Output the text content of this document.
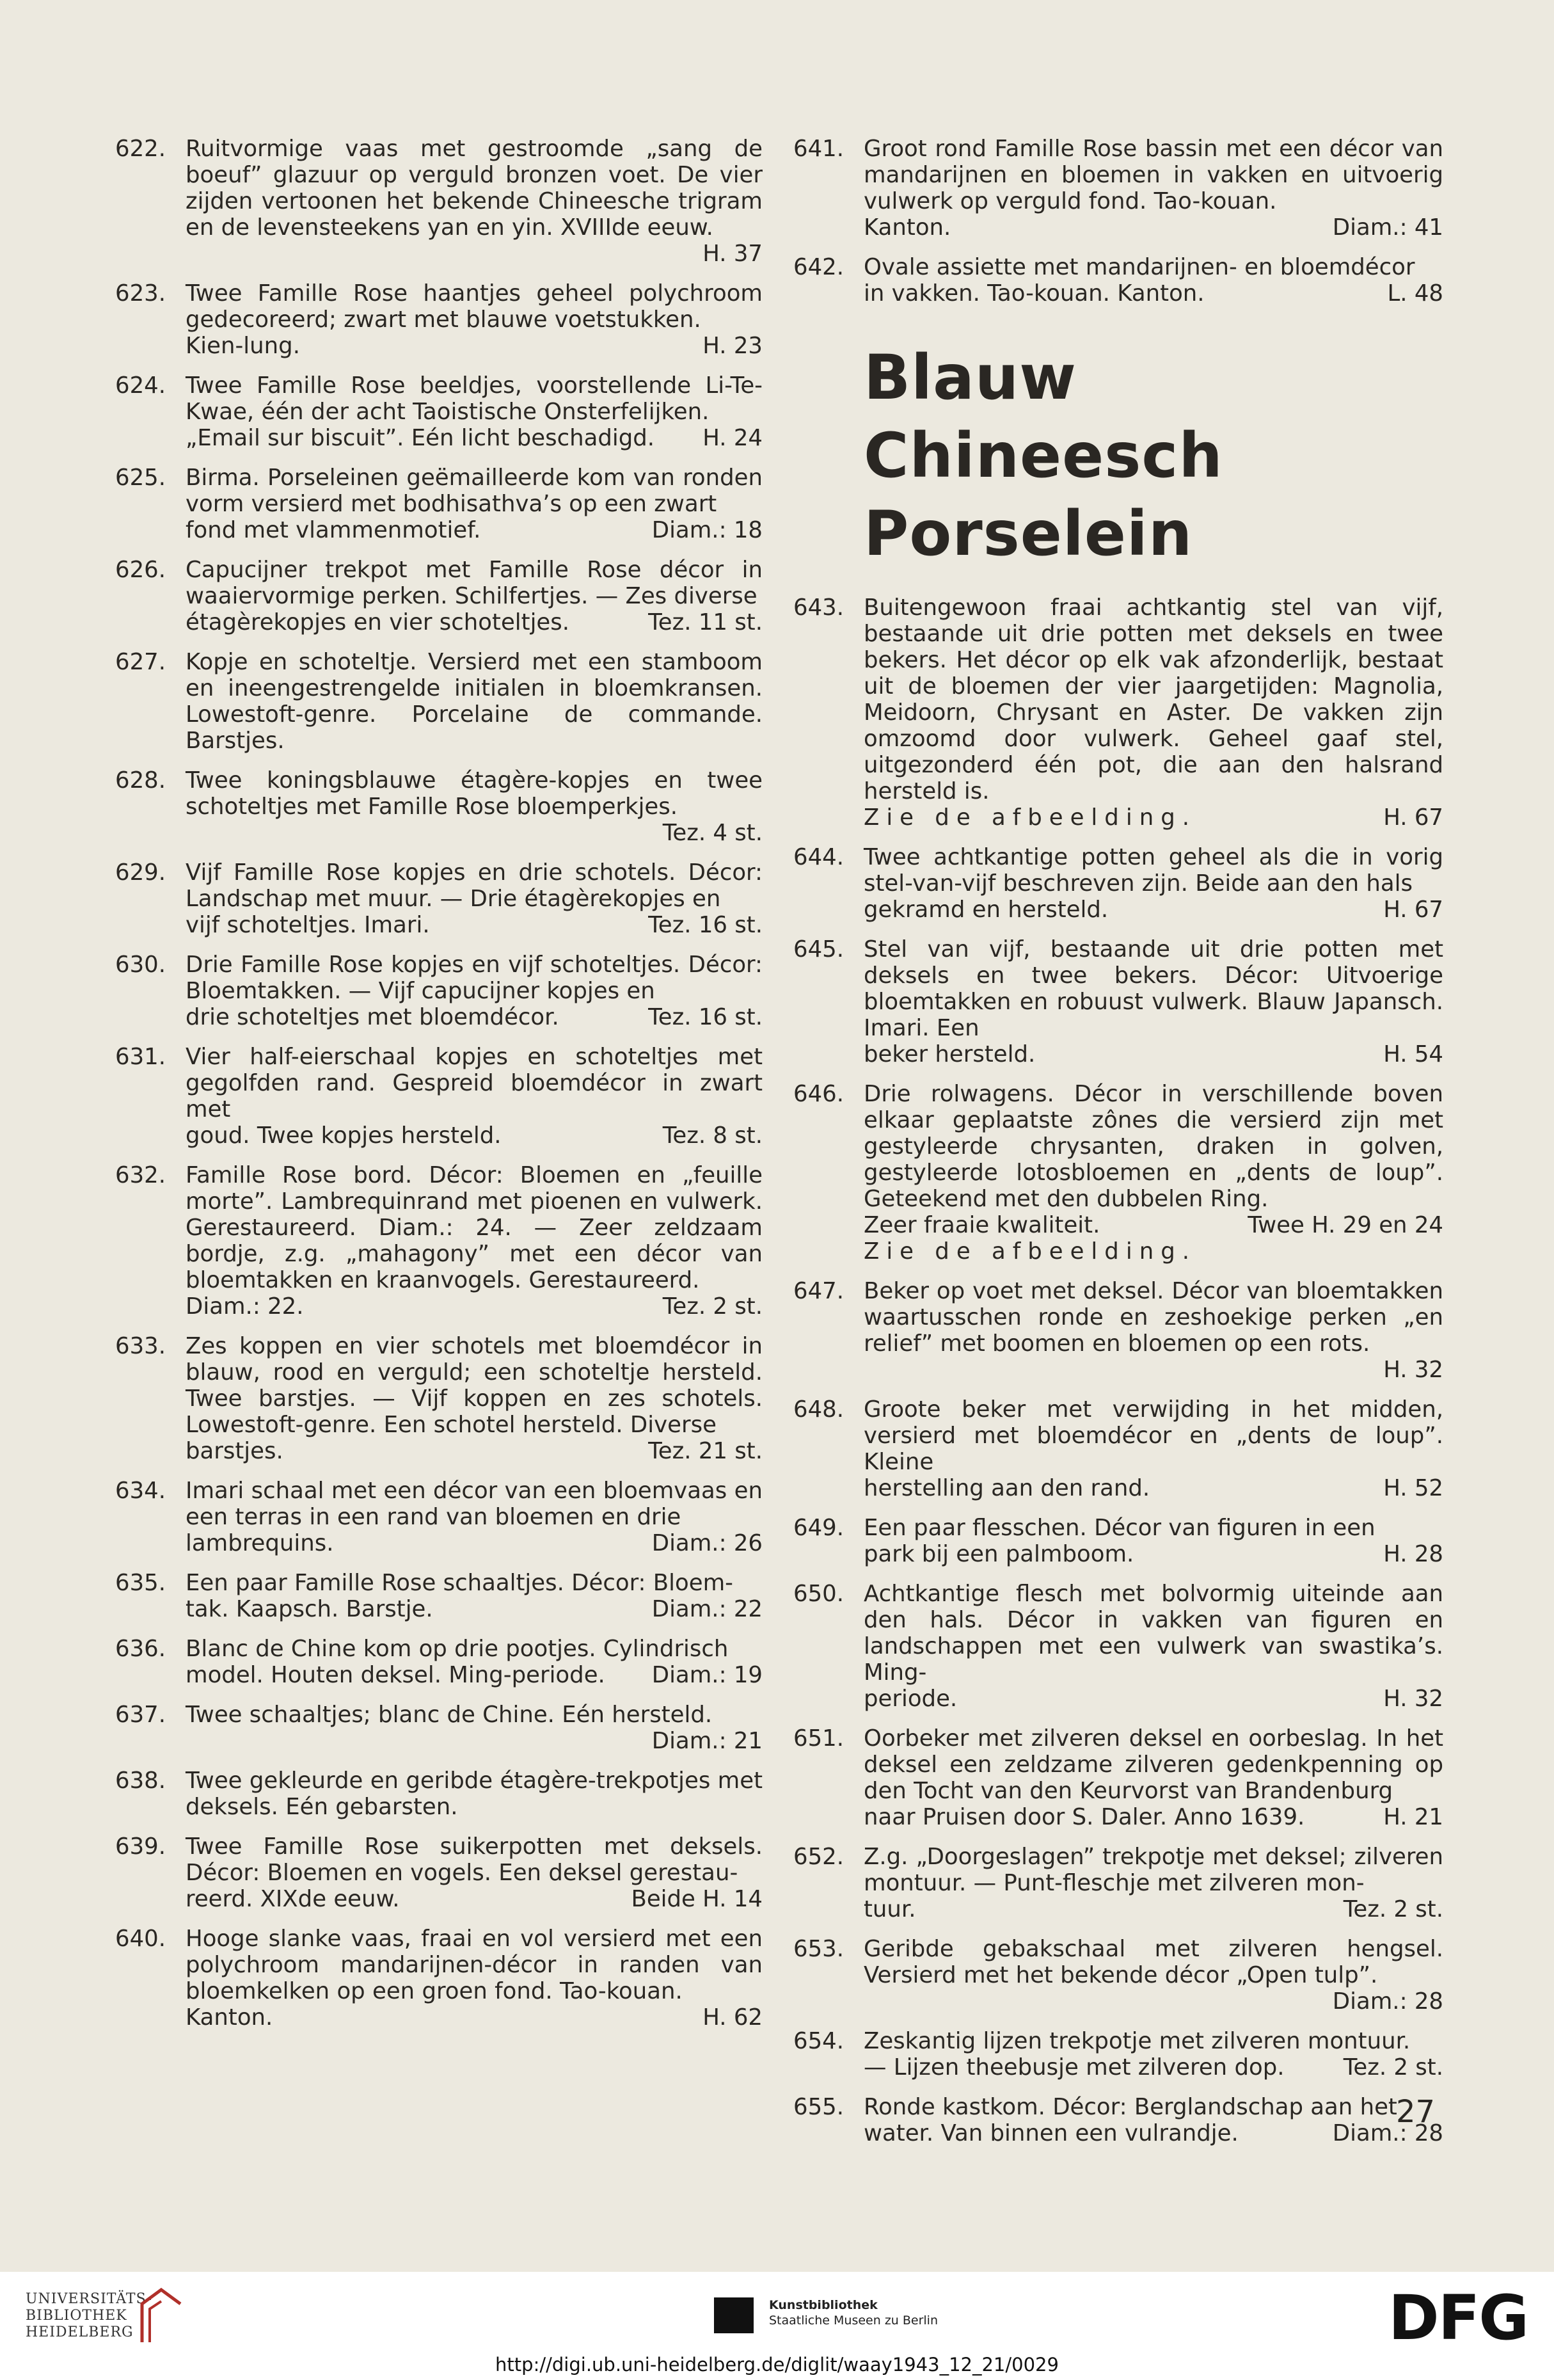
622. Ruitvormige vaas met gestroomde „sang de boeuf” glazuur op verguld bronzen voet. De vier zijden vertoonen het bekende Chineesche trigram en de levensteekens yan en yin. XVIIIde eeuw.
H. 37
623. Twee Famille Rose haantjes geheel polychroom gedecoreerd; zwart met blauwe voetstukken.
Kien-lung.	H. 23
624. Twee Famille Rose beeldjes, voorstellende Li-Te-Kwae, één der acht Taoistische Onsterfelijken.
„Email sur biscuit”. Eén licht beschadigd. H. 24
625. Birma. Porseleinen geëmailleerde kom van ronden vorm versierd met bodhisathva’s op een zwart
fond met vlammenmotief.	Diam.: 18
626. Capucijner trekpot met Famille Rose décor in waaiervormige perken. Schilfertjes. — Zes diverse
étagèrekopjes en vier schoteltjes.	Tez. 11 st.
627. Kopje en schoteltje. Versierd met een stamboom en ineengestrengelde initialen in bloemkransen. Lowestoft-genre. Porcelaine de commande. Barstjes.
628. Twee koningsblauwe étagère-kopjes en twee schoteltjes met Famille Rose bloemperkjes.
Tez. 4 st.
629. Vijf Famille Rose kopjes en drie schotels. Décor: Landschap met muur. — Drie étagèrekopjes en
vijf schoteltjes. Imari.	Tez. 16 st.
630. Drie Famille Rose kopjes en vijf schoteltjes. Décor: Bloemtakken. — Vijf capucijner kopjes en
drie schoteltjes met bloemdécor.	Tez. 16 st.
631. Vier half-eierschaal kopjes en schoteltjes met gegolfden rand. Gespreid bloemdécor in zwart met
goud. Twee kopjes hersteld.	Tez. 8 st.
632. Famille Rose bord. Décor: Bloemen en „feuille morte”. Lambrequinrand met pioenen en vulwerk. Gerestaureerd. Diam.: 24. — Zeer zeldzaam bordje, z.g. „mahagony” met een décor van bloemtakken en kraanvogels. Gerestaureerd.
Diam.: 22.	Tez. 2 st.
633. Zes koppen en vier schotels met bloemdécor in blauw, rood en verguld; een schoteltje hersteld. Twee barstjes. — Vijf koppen en zes schotels. Lowestoft-genre. Een schotel hersteld. Diverse
barstjes.	Tez. 21 st.
634. Imari schaal met een décor van een bloemvaas en een terras in een rand van bloemen en drie
lambrequins.	Diam.: 26
635. Een paar Famille Rose schaaltjes. Décor: Bloem-
tak. Kaapsch. Barstje.	Diam.: 22
636. Blanc de Chine kom op drie pootjes. Cylindrisch
model. Houten deksel. Ming-periode. Diam.: 19
637. Twee schaaltjes; blanc de Chine. Eén hersteld.
Diam.: 21
638. Twee gekleurde en geribde étagère-trekpotjes met deksels. Eén gebarsten.
639. Twee Famille Rose suikerpotten met deksels. Décor: Bloemen en vogels. Een deksel gerestau-
reerd. XIXde eeuw.	Beide H. 14
640. Hooge slanke vaas, fraai en vol versierd met een polychroom mandarijnen-décor in randen van bloemkelken op een groen fond. Tao-kouan.
Kanton.	H. 62
641. Groot rond Famille Rose bassin met een décor van mandarijnen en bloemen in vakken en uitvoerig vulwerk op verguld fond. Tao-kouan.
Kanton.	Diam.: 41
642. Ovale assiette met mandarijnen- en bloemdécor
in vakken. Tao-kouan. Kanton.	L. 48
Blauw Chineesch Porselein
643. Buitengewoon fraai achtkantig stel van vijf, bestaande uit drie potten met deksels en twee bekers. Het décor op elk vak afzonderlijk, bestaat uit de bloemen der vier jaargetijden: Magnolia, Meidoorn, Chrysant en Aster. De vakken zijn omzoomd door vulwerk. Geheel gaaf stel, uitgezonderd één pot, die aan den halsrand hersteld is.
Zie de afbeelding.	H. 67
644. Twee achtkantige potten geheel als die in vorig stel-van-vijf beschreven zijn. Beide aan den hals
gekramd en hersteld.	H. 67
645. Stel van vijf, bestaande uit drie potten met deksels en twee bekers. Décor: Uitvoerige bloemtakken en robuust vulwerk. Blauw Japansch. Imari. Een
beker hersteld.	H. 54
646. Drie rolwagens. Décor in verschillende boven elkaar geplaatste zônes die versierd zijn met gestyleerde chrysanten, draken in golven, gestyleerde lotosbloemen en „dents de loup”. Geteekend met den dubbelen Ring.
Zeer fraaie kwaliteit.	Twee H. 29 en 24
Zie de afbeelding.
647. Beker op voet met deksel. Décor van bloemtakken waartusschen ronde en zeshoekige perken „en relief” met boomen en bloemen op een rots.
H. 32
648. Groote beker met verwijding in het midden, versierd met bloemdécor en „dents de loup”. Kleine
herstelling aan den rand.	H. 52
649. Een paar flesschen. Décor van figuren in een
park bij een palmboom.	H. 28
650. Achtkantige flesch met bolvormig uiteinde aan den hals. Décor in vakken van figuren en landschappen met een vulwerk van swastika’s. Ming-
periode.	H. 32
651. Oorbeker met zilveren deksel en oorbeslag. In het deksel een zeldzame zilveren gedenkpenning op den Tocht van den Keurvorst van Brandenburg
naar Pruisen door S. Daler. Anno 1639.	H. 21
652. Z.g. „Doorgeslagen” trekpotje met deksel; zilveren montuur. — Punt-fleschje met zilveren mon-
tuur.	Tez. 2 st.
653. Geribde gebakschaal met zilveren hengsel. Versierd met het bekende décor „Open tulp”.
Diam.: 28
654. Zeskantig lijzen trekpotje met zilveren montuur.
— Lijzen theebusje met zilveren dop.	Tez. 2 st.
655. Ronde kastkom. Décor: Berglandschap aan het
water. Van binnen een vulrandje.	Diam.: 28
27
UNIVERSITÄTS-
BIBLIOTHEK
HEIDELBERG
Kunstbibliothek
Staatliche Museen zu Berlin	DFG
http://digi.ub.uni-heidelberg.de/diglit/waay1943_12_21/0029
